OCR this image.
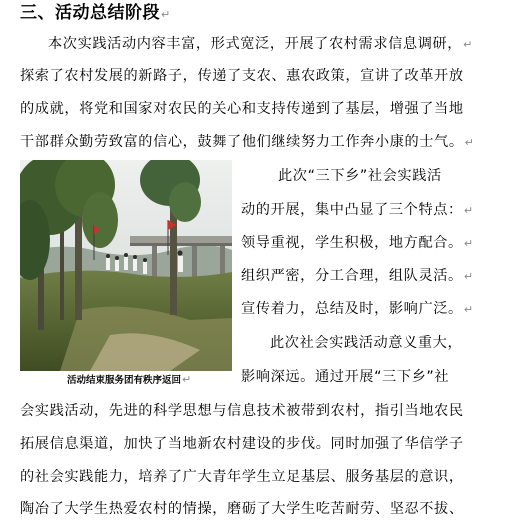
三、活动总结阶段↵
本次实践活动内容丰富，形式宽泛，开展了农村需求信息调研，↵
探索了农村发展的新路子，传递了支农、惠农政策，宣讲了改革开放
的成就，将党和国家对农民的关心和支持传递到了基层，增强了当地
干部群众勤劳致富的信心，鼓舞了他们继续努力工作奔小康的士气。↵
此次“三下乡”社会实践活
动的开展，集中凸显了三个特点：↵
领导重视，学生积极，地方配合。↵
组织严密，分工合理，组队灵活。↵
宣传着力，总结及时，影响广泛。↵
此次社会实践活动意义重大，
影响深远。通过开展“三下乡”社
会实践活动，先进的科学思想与信息技术被带到农村，指引当地农民
拓展信息渠道，加快了当地新农村建设的步伐。同时加强了华信学子
的社会实践能力，培养了广大青年学生立足基层、服务基层的意识，
陶冶了大学生热爱农村的情操，磨砺了大学生吃苦耐劳、坚忍不拔、
活动结束服务团有秩序返回↵
